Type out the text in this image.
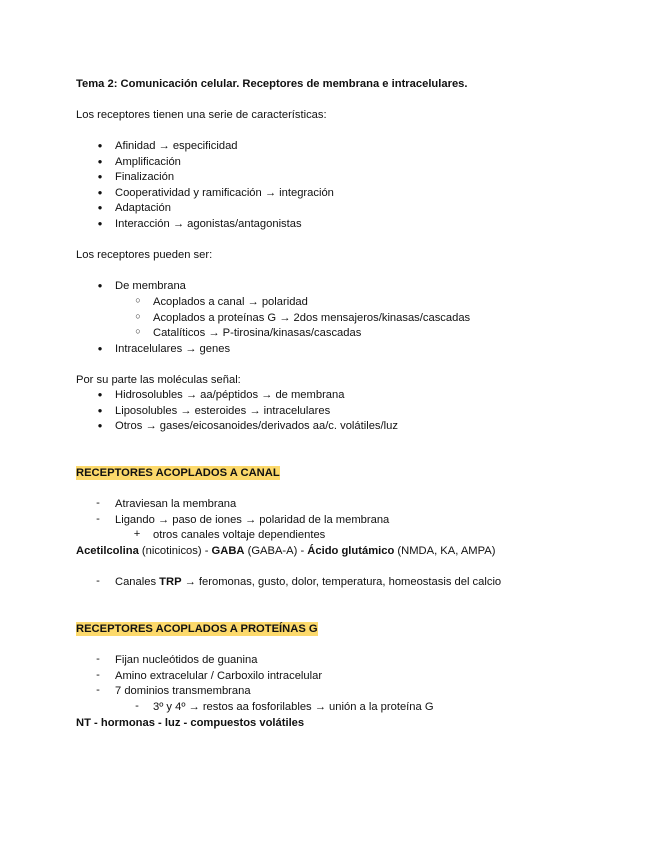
Tema 2: Comunicación celular. Receptores de membrana e intracelulares.
Los receptores tienen una serie de características:
●	Afinidad → especificidad
●	Amplificación
●	Finalización
●	Cooperatividad y ramificación → integración
●	Adaptación
●	Interacción → agonistas/antagonistas
Los receptores pueden ser:
●	De membrana
○	Acoplados a canal → polaridad
○	Acoplados a proteínas G → 2dos mensajeros/kinasas/cascadas
○	Catalíticos → P-tirosina/kinasas/cascadas
●	Intracelulares → genes
Por su parte las moléculas señal:
●	Hidrosolubles → aa/péptidos → de membrana
●	Liposolubles → esteroides → intracelulares
●	Otros → gases/eicosanoides/derivados aa/c. volátiles/luz
RECEPTORES ACOPLADOS A CANAL
-	Atraviesan la membrana
-	Ligando → paso de iones → polaridad de la membrana
+	otros canales voltaje dependientes
Acetilcolina (nicotinicos) - GABA (GABA-A) - Ácido glutámico (NMDA, KA, AMPA)
-	Canales TRP → feromonas, gusto, dolor, temperatura, homeostasis del calcio
RECEPTORES ACOPLADOS A PROTEÍNAS G
-	Fijan nucleótidos de guanina
-	Amino extracelular / Carboxilo intracelular
-	7 dominios transmembrana
-	3º y 4º → restos aa fosforilables → unión a la proteína G
NT - hormonas - luz - compuestos volátiles
